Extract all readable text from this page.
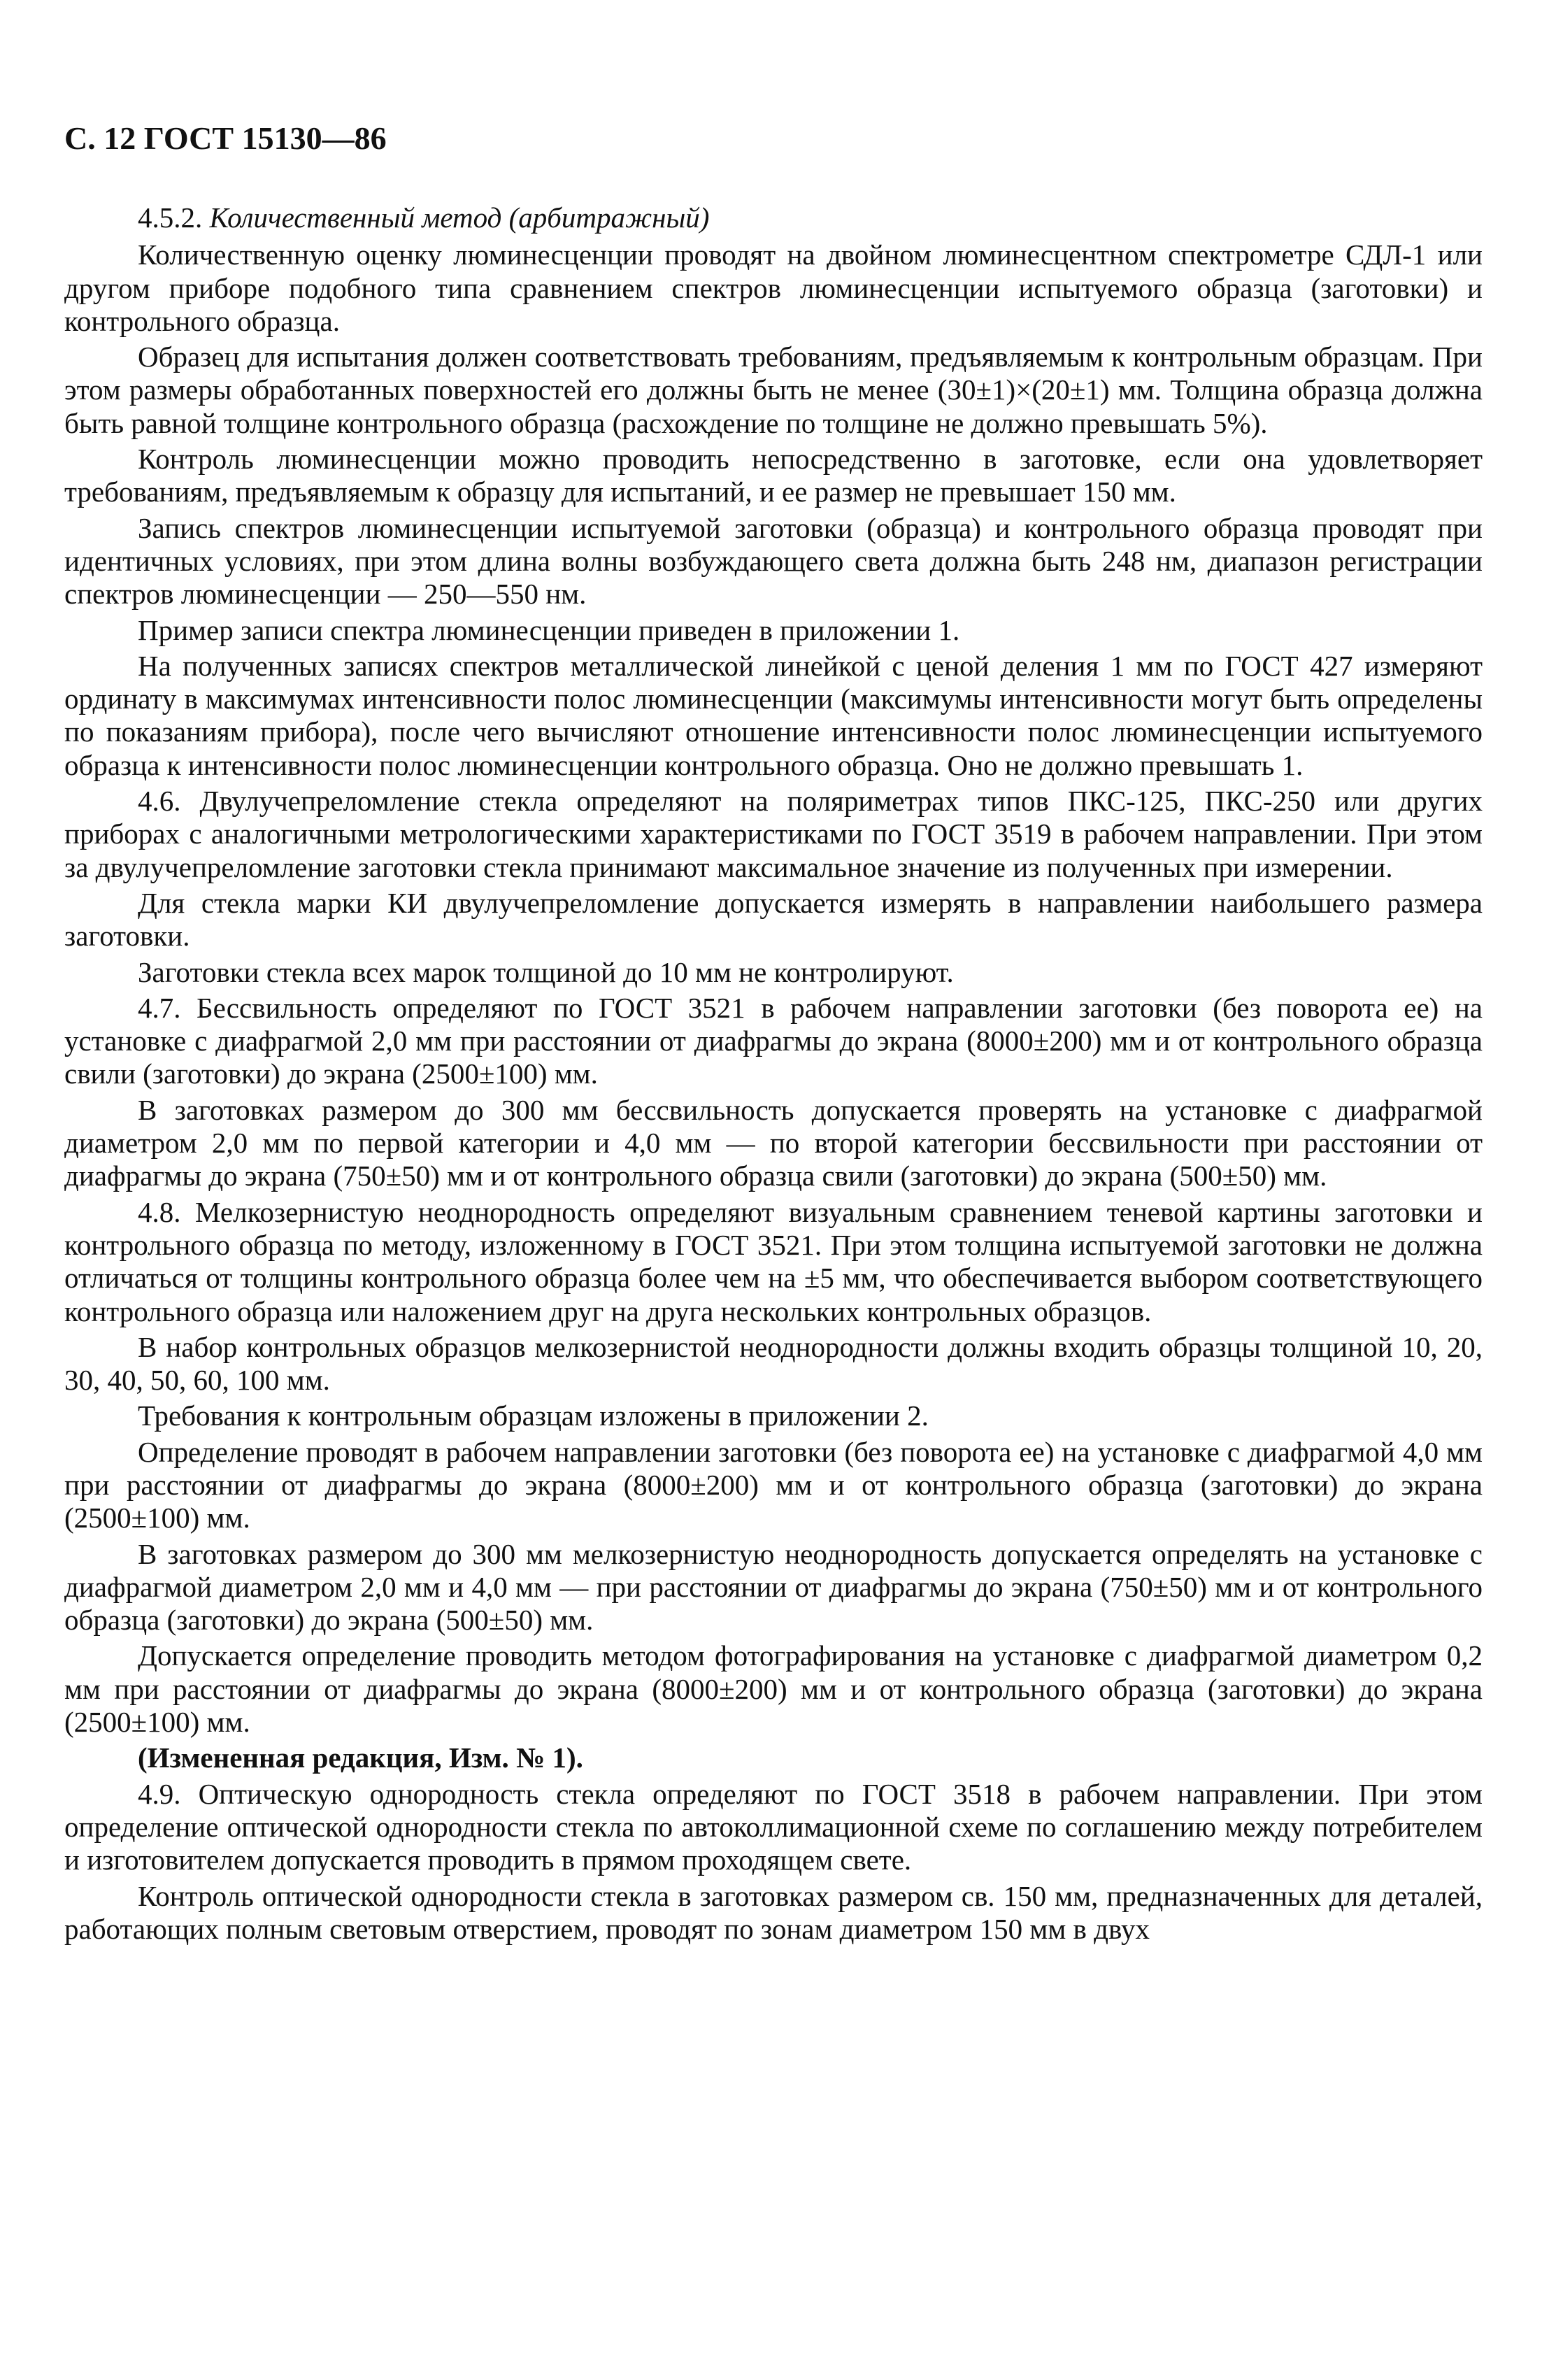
С. 12 ГОСТ 15130—86
4.5.2. Количественный метод (арбитражный)

Количественную оценку люминесценции проводят на двойном люминесцентном спектрометре СДЛ-1 или другом приборе подобного типа сравнением спектров люминесценции испытуемого образца (заготовки) и контрольного образца.

Образец для испытания должен соответствовать требованиям, предъявляемым к контрольным образцам. При этом размеры обработанных поверхностей его должны быть не менее (30±1)×(20±1) мм. Толщина образца должна быть равной толщине контрольного образца (расхождение по толщине не должно превышать 5%).

Контроль люминесценции можно проводить непосредственно в заготовке, если она удовлетворяет требованиям, предъявляемым к образцу для испытаний, и ее размер не превышает 150 мм.

Запись спектров люминесценции испытуемой заготовки (образца) и контрольного образца проводят при идентичных условиях, при этом длина волны возбуждающего света должна быть 248 нм, диапазон регистрации спектров люминесценции — 250—550 нм.

Пример записи спектра люминесценции приведен в приложении 1.

На полученных записях спектров металлической линейкой с ценой деления 1 мм по ГОСТ 427 измеряют ординату в максимумах интенсивности полос люминесценции (максимумы интенсивности могут быть определены по показаниям прибора), после чего вычисляют отношение интенсивности полос люминесценции испытуемого образца к интенсивности полос люминесценции контрольного образца. Оно не должно превышать 1.

4.6. Двулучепреломление стекла определяют на поляриметрах типов ПКС-125, ПКС-250 или других приборах с аналогичными метрологическими характеристиками по ГОСТ 3519 в рабочем направлении. При этом за двулучепреломление заготовки стекла принимают максимальное значение из полученных при измерении.

Для стекла марки КИ двулучепреломление допускается измерять в направлении наибольшего размера заготовки.

Заготовки стекла всех марок толщиной до 10 мм не контролируют.

4.7. Бессвильность определяют по ГОСТ 3521 в рабочем направлении заготовки (без поворота ее) на установке с диафрагмой 2,0 мм при расстоянии от диафрагмы до экрана (8000±200) мм и от контрольного образца свили (заготовки) до экрана (2500±100) мм.

В заготовках размером до 300 мм бессвильность допускается проверять на установке с диафрагмой диаметром 2,0 мм по первой категории и 4,0 мм — по второй категории бессвильности при расстоянии от диафрагмы до экрана (750±50) мм и от контрольного образца свили (заготовки) до экрана (500±50) мм.

4.8. Мелкозернистую неоднородность определяют визуальным сравнением теневой картины заготовки и контрольного образца по методу, изложенному в ГОСТ 3521. При этом толщина испытуемой заготовки не должна отличаться от толщины контрольного образца более чем на ±5 мм, что обеспечивается выбором соответствующего контрольного образца или наложением друг на друга нескольких контрольных образцов.

В набор контрольных образцов мелкозернистой неоднородности должны входить образцы толщиной 10, 20, 30, 40, 50, 60, 100 мм.

Требования к контрольным образцам изложены в приложении 2.

Определение проводят в рабочем направлении заготовки (без поворота ее) на установке с диафрагмой 4,0 мм при расстоянии от диафрагмы до экрана (8000±200) мм и от контрольного образца (заготовки) до экрана (2500±100) мм.

В заготовках размером до 300 мм мелкозернистую неоднородность допускается определять на установке с диафрагмой диаметром 2,0 мм и 4,0 мм — при расстоянии от диафрагмы до экрана (750±50) мм и от контрольного образца (заготовки) до экрана (500±50) мм.

Допускается определение проводить методом фотографирования на установке с диафрагмой диаметром 0,2 мм при расстоянии от диафрагмы до экрана (8000±200) мм и от контрольного образца (заготовки) до экрана (2500±100) мм.

(Измененная редакция, Изм. № 1).

4.9. Оптическую однородность стекла определяют по ГОСТ 3518 в рабочем направлении. При этом определение оптической однородности стекла по автоколлимационной схеме по соглашению между потребителем и изготовителем допускается проводить в прямом проходящем свете.

Контроль оптической однородности стекла в заготовках размером св. 150 мм, предназначенных для деталей, работающих полным световым отверстием, проводят по зонам диаметром 150 мм в двух
